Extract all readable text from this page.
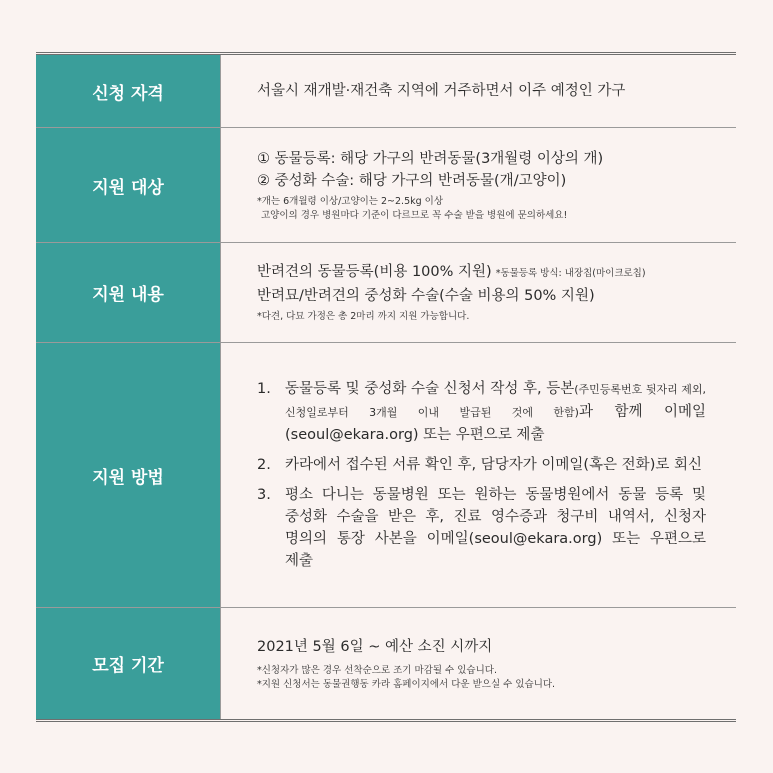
신청 자격	서울시 재개발·재건축 지역에 거주하면서 이주 예정인 가구
지원 대상
① 동물등록: 해당 가구의 반려동물(3개월령 이상의 개)
② 중성화 수술: 해당 가구의 반려동물(개/고양이)
*개는 6개월령 이상/고양이는 2~2.5kg 이상
고양이의 경우 병원마다 기준이 다르므로 꼭 수술 받을 병원에 문의하세요!
지원 내용
반려견의 동물등록(비용 100% 지원) *동물등록 방식: 내장칩(마이크로칩)
반려묘/반려견의 중성화 수술(수술 비용의 50% 지원)
*다견, 다묘 가정은 총 2마리 까지 지원 가능합니다.
지원 방법
1. 동물등록 및 중성화 수술 신청서 작성 후, 등본(주민등록번호 뒷자리 제외, 신청일로부터 3개월 이내 발급된 것에 한함)과 함께 이메일(seoul@ekara.org) 또는 우편으로 제출
2. 카라에서 접수된 서류 확인 후, 담당자가 이메일(혹은 전화)로 회신
3. 평소 다니는 동물병원 또는 원하는 동물병원에서 동물 등록 및 중성화 수술을 받은 후, 진료 영수증과 청구비 내역서, 신청자 명의의 통장 사본을 이메일(seoul@ekara.org) 또는 우편으로 제출
모집 기간
2021년 5월 6일 ~ 예산 소진 시까지
*신청자가 많은 경우 선착순으로 조기 마감될 수 있습니다.
*지원 신청서는 동물권행동 카라 홈페이지에서 다운 받으실 수 있습니다.
